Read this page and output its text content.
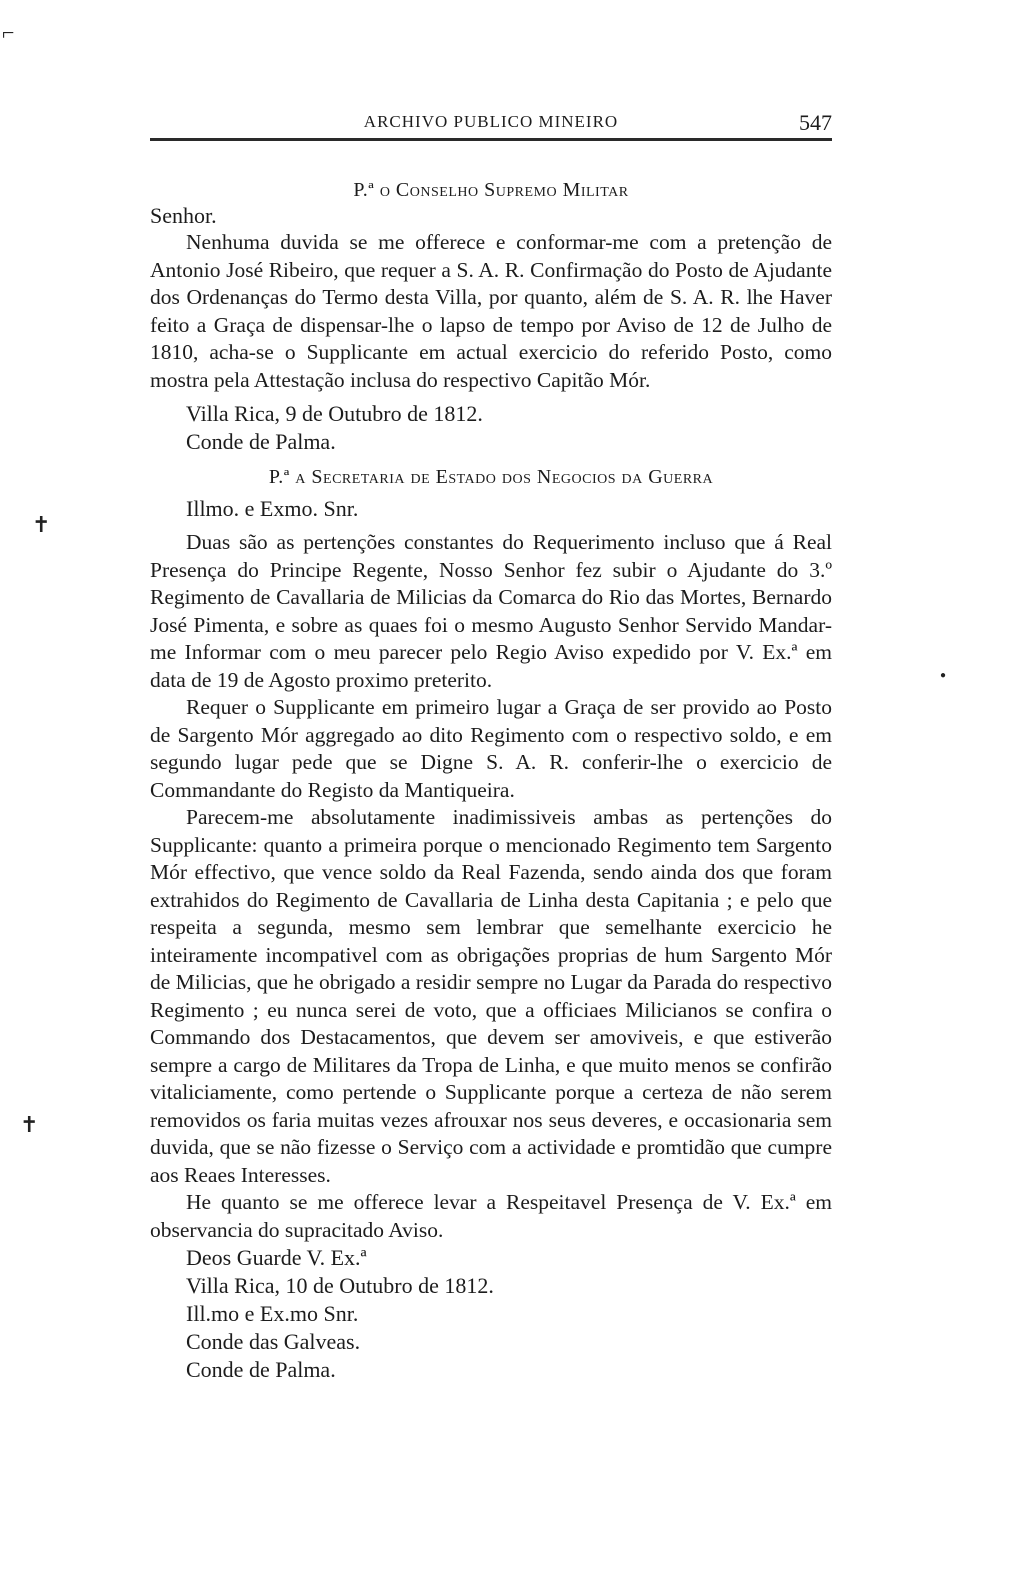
⌐
✝
✝
●
ARCHIVO PUBLICO MINEIRO	547
P.ª o Conselho Supremo Militar
Senhor.

Nenhuma duvida se me offerece e conformar-me com a pretenção de Antonio José Ribeiro, que requer a S. A. R. Confirmação do Posto de Ajudante dos Ordenanças do Termo desta Villa, por quanto, além de S. A. R. lhe Haver feito a Graça de dispensar-lhe o lapso de tempo por Aviso de 12 de Julho de 1810, acha-se o Supplicante em actual exercicio do referido Posto, como mostra pela Attestação inclusa do respectivo Capitão Mór.

Villa Rica, 9 de Outubro de 1812.
Conde de Palma.
P.ª a Secretaria de Estado dos Negocios da Guerra
Illmo. e Exmo. Snr.

Duas são as pertenções constantes do Requerimento incluso que á Real Presença do Principe Regente, Nosso Senhor fez subir o Ajudante do 3.º Regimento de Cavallaria de Milicias da Comarca do Rio das Mortes, Bernardo José Pimenta, e sobre as quaes foi o mesmo Augusto Senhor Servido Mandar-me Informar com o meu parecer pelo Regio Aviso expedido por V. Ex.ª em data de 19 de Agosto proximo preterito.

Requer o Supplicante em primeiro lugar a Graça de ser provido ao Posto de Sargento Mór aggregado ao dito Regimento com o respectivo soldo, e em segundo lugar pede que se Digne S. A. R. conferir-lhe o exercicio de Commandante do Registo da Mantiqueira.

Parecem-me absolutamente inadimissiveis ambas as pertenções do Supplicante: quanto a primeira porque o mencionado Regimento tem Sargento Mór effectivo, que vence soldo da Real Fazenda, sendo ainda dos que foram extrahidos do Regimento de Cavallaria de Linha desta Capitania ; e pelo que respeita a segunda, mesmo sem lembrar que semelhante exercicio he inteiramente incompativel com as obrigações proprias de hum Sargento Mór de Milicias, que he obrigado a residir sempre no Lugar da Parada do respectivo Regimento ; eu nunca serei de voto, que a officiaes Milicianos se confira o Commando dos Destacamentos, que devem ser amoviveis, e que estiverão sempre a cargo de Militares da Tropa de Linha, e que muito menos se confirão vitaliciamente, como pertende o Supplicante porque a certeza de não serem removidos os faria muitas vezes afrouxar nos seus deveres, e occasionaria sem duvida, que se não fizesse o Serviço com a actividade e promtidão que cumpre aos Reaes Interesses.

He quanto se me offerece levar a Respeitavel Presença de V. Ex.ª em observancia do supracitado Aviso.

Deos Guarde V. Ex.ª
Villa Rica, 10 de Outubro de 1812.
Ill.mo e Ex.mo Snr.
Conde das Galveas.
Conde de Palma.
